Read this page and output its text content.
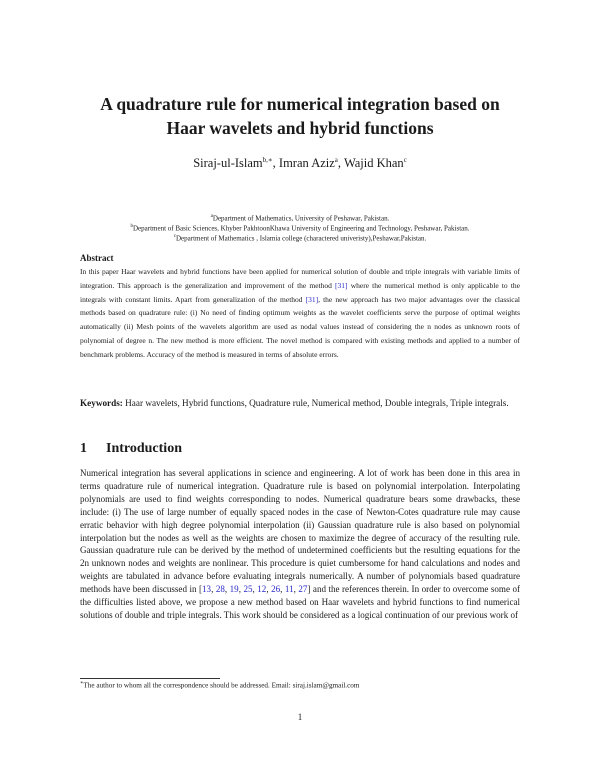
A quadrature rule for numerical integration based on
Haar wavelets and hybrid functions
Siraj-ul-Islam$^{b,∗}$, Imran Aziz$^a$, Wajid Khan$^c$
$^a$Department of Mathematics, University of Peshawar, Pakistan.
$^b$Department of Basic Sciences, Khyber PakhtoonKhawa University of Engineering and Technology, Peshawar, Pakistan.
$^c$Department of Mathematics , Islamia college (charactered univeristy),Peshawar,Pakistan.
Abstract
In this paper Haar wavelets and hybrid functions have been applied for numerical solution of double and triple integrals with variable limits of integration. This approach is the generalization and improvement of the method [31] where the numerical method is only applicable to the integrals with constant limits. Apart from generalization of the method [31], the new approach has two major advantages over the classical methods based on quadrature rule: (i) No need of finding optimum weights as the wavelet coefficients serve the purpose of optimal weights automatically (ii) Mesh points of the wavelets algorithm are used as nodal values instead of considering the n nodes as unknown roots of polynomial of degree n. The new method is more efficient. The novel method is compared with existing methods and applied to a number of benchmark problems. Accuracy of the method is measured in terms of absolute errors.
Keywords: Haar wavelets, Hybrid functions, Quadrature rule, Numerical method, Double integrals, Triple integrals.
1 Introduction
Numerical integration has several applications in science and engineering. A lot of work has been done in this area in terms quadrature rule of numerical integration. Quadrature rule is based on polynomial interpolation. Interpolating polynomials are used to find weights corresponding to nodes. Numerical quadrature bears some drawbacks, these include: (i) The use of large number of equally spaced nodes in the case of Newton-Cotes quadrature rule may cause erratic behavior with high degree polynomial interpolation (ii) Gaussian quadrature rule is also based on polynomial interpolation but the nodes as well as the weights are chosen to maximize the degree of accuracy of the resulting rule. Gaussian quadrature rule can be derived by the method of undetermined coefficients but the resulting equations for the 2n unknown nodes and weights are nonlinear. This procedure is quiet cumbersome for hand calculations and nodes and weights are tabulated in advance before evaluating integrals numerically. A number of polynomials based quadrature methods have been discussed in [13, 28, 19, 25, 12, 26, 11, 27] and the references therein. In order to overcome some of the difficulties listed above, we propose a new method based on Haar wavelets and hybrid functions to find numerical solutions of double and triple integrals. This work should be considered as a logical continuation of our previous work of
∗The author to whom all the correspondence should be addressed. Email: siraj.islam@gmail.com
1
